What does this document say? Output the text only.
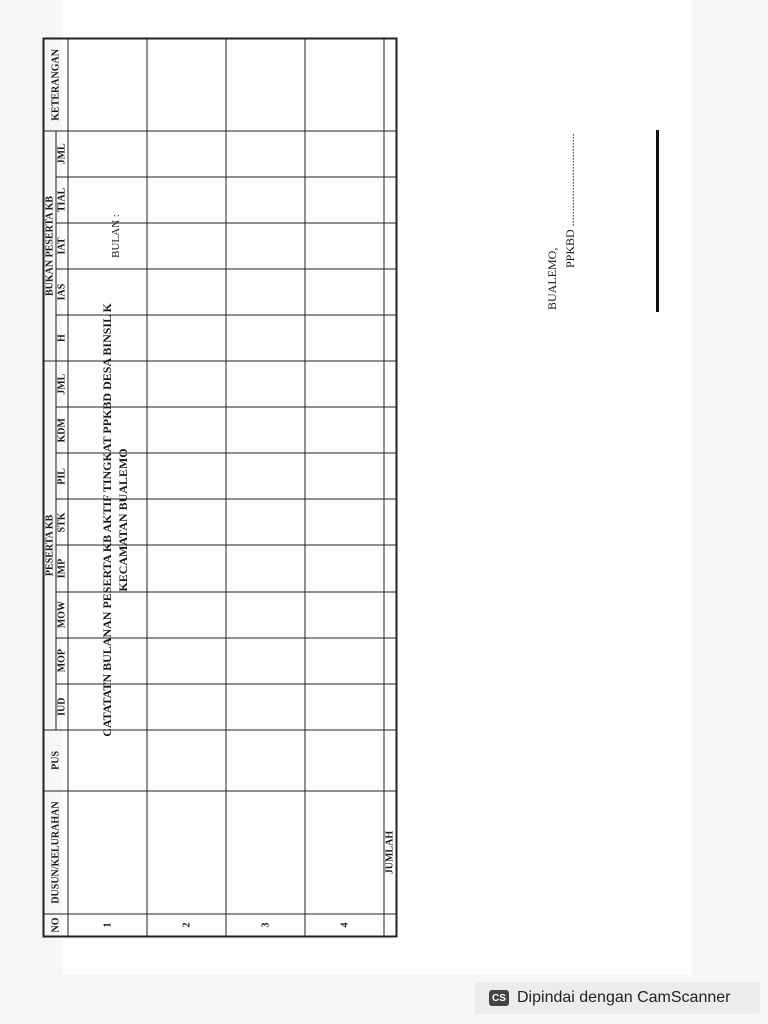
CATATATN BULANAN PESERTA KB AKTIF TINGKAT PPKBD DESA BINSIL K KECAMATAN BUALEMO
BULAN :
NO	DUSUN/KELURAHAN	PUS	PESERTA KB								BUKAN PESERTA KB					KETERANGAN
			IUD	MOP	MOW	IMP	STK	PIL	KDM	JML	H	IAS	IAT	TIAL	JML	
1																
2																
3																
4																
	JUMLAH															
BUALEMO,
PPKBD ...............................
CS Dipindai dengan CamScanner
